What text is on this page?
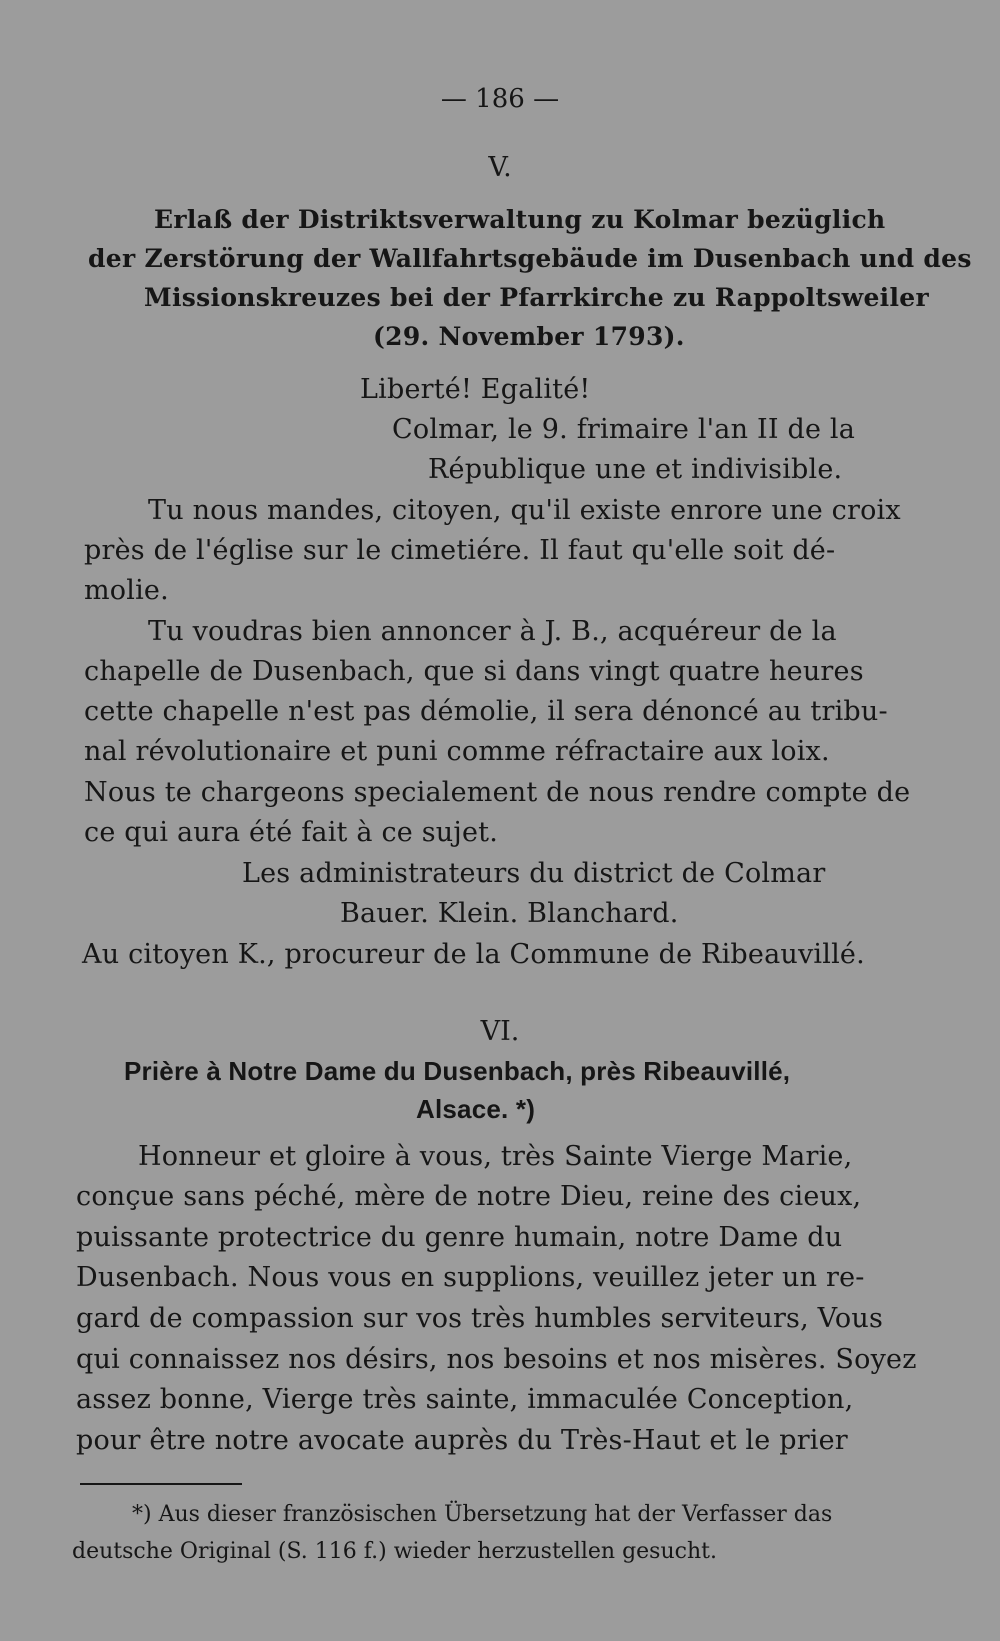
— 186 —
V.
Erlaß der Distriktsverwaltung zu Kolmar bezüglich
der Zerstörung der Wallfahrtsgebäude im Dusenbach und des
Missionskreuzes bei der Pfarrkirche zu Rappoltsweiler
(29. November 1793).
Liberté! Egalité!
Colmar, le 9. frimaire l'an II de la
République une et indivisible.
Tu nous mandes, citoyen, qu'il existe enrore une croix
près de l'église sur le cimetiére. Il faut qu'elle soit dé-
molie.
Tu voudras bien annoncer à J. B., acquéreur de la
chapelle de Dusenbach, que si dans vingt quatre heures
cette chapelle n'est pas démolie, il sera dénoncé au tribu-
nal révolutionaire et puni comme réfractaire aux loix.
Nous te chargeons specialement de nous rendre compte de
ce qui aura été fait à ce sujet.
Les administrateurs du district de Colmar
Bauer. Klein. Blanchard.
Au citoyen K., procureur de la Commune de Ribeauvillé.
VI.
Prière à Notre Dame du Dusenbach, près Ribeauvillé,
Alsace. *)
Honneur et gloire à vous, très Sainte Vierge Marie,
conçue sans péché, mère de notre Dieu, reine des cieux,
puissante protectrice du genre humain, notre Dame du
Dusenbach. Nous vous en supplions, veuillez jeter un re-
gard de compassion sur vos très humbles serviteurs, Vous
qui connaissez nos désirs, nos besoins et nos misères. Soyez
assez bonne, Vierge très sainte, immaculée Conception,
pour être notre avocate auprès du Très-Haut et le prier
*) Aus dieser französischen Übersetzung hat der Verfasser das
deutsche Original (S. 116 f.) wieder herzustellen gesucht.
